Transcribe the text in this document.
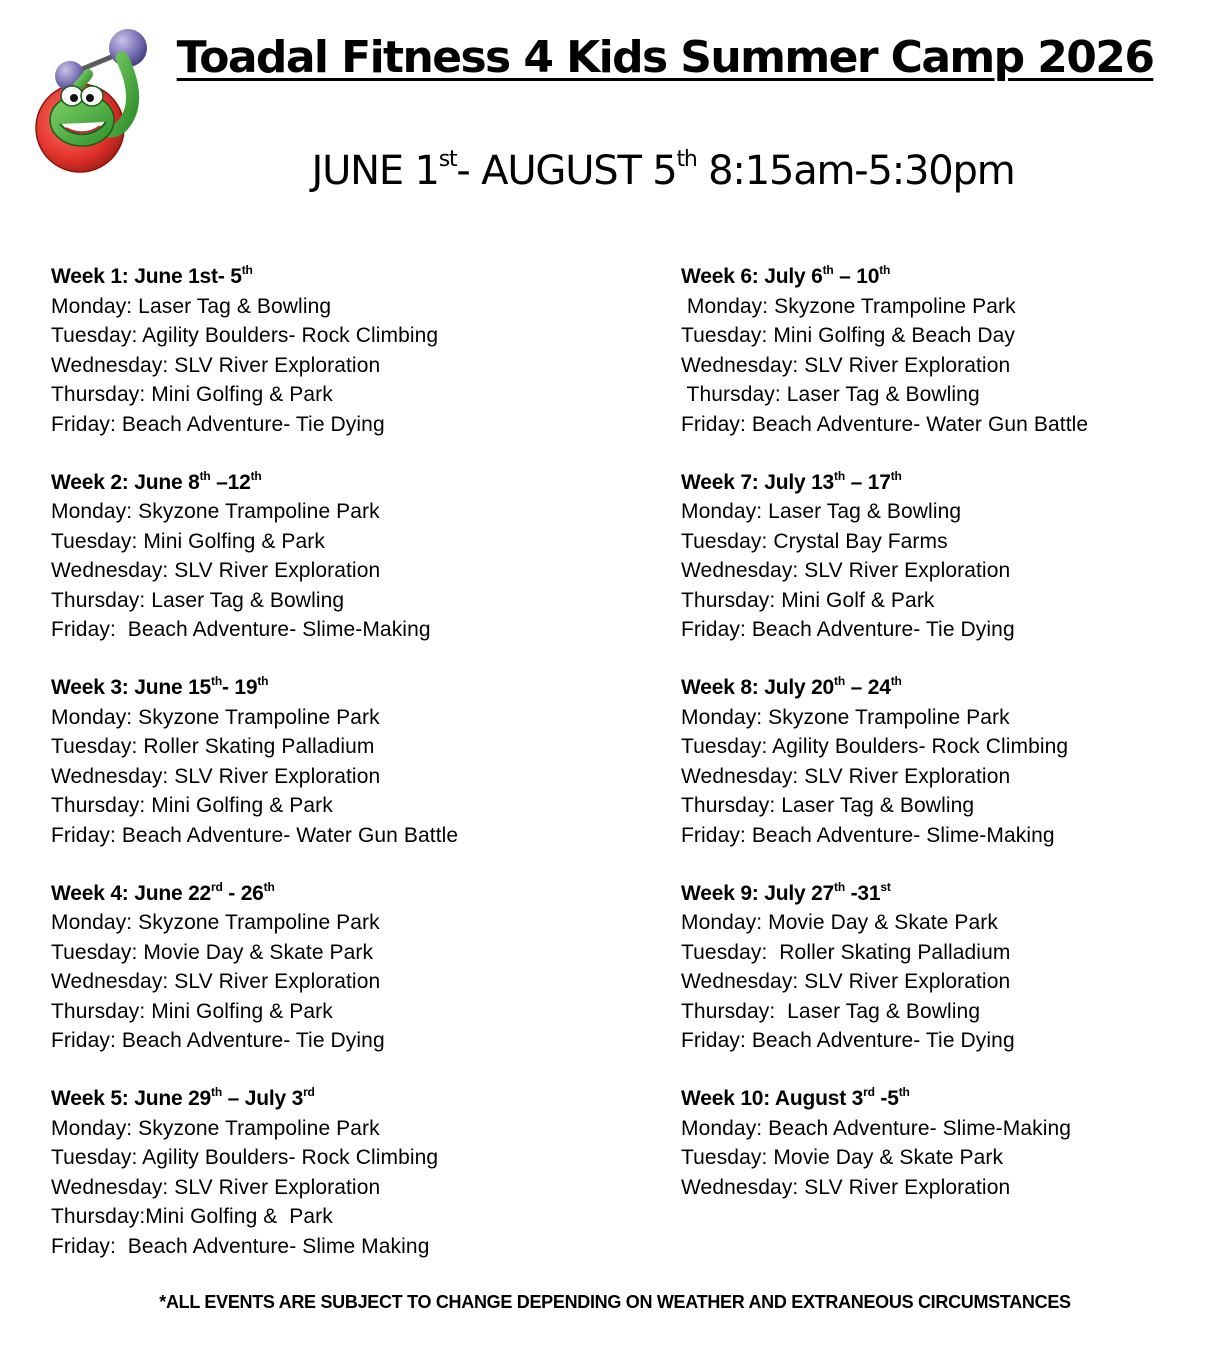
Toadal Fitness 4 Kids Summer Camp 2026
JUNE 1st- AUGUST 5th 8:15am-5:30pm
Week 1: June 1st- 5th
Monday: Laser Tag & Bowling
Tuesday: Agility Boulders- Rock Climbing
Wednesday: SLV River Exploration
Thursday: Mini Golfing & Park
Friday: Beach Adventure- Tie Dying
Week 2: June 8th –12th
Monday: Skyzone Trampoline Park
Tuesday: Mini Golfing & Park
Wednesday: SLV River Exploration
Thursday: Laser Tag & Bowling
Friday:  Beach Adventure- Slime-Making
Week 3: June 15th- 19th
Monday: Skyzone Trampoline Park
Tuesday: Roller Skating Palladium
Wednesday: SLV River Exploration
Thursday: Mini Golfing & Park
Friday: Beach Adventure- Water Gun Battle
Week 4: June 22rd - 26th
Monday: Skyzone Trampoline Park
Tuesday: Movie Day & Skate Park
Wednesday: SLV River Exploration
Thursday: Mini Golfing & Park
Friday: Beach Adventure- Tie Dying
Week 5: June 29th – July 3rd
Monday: Skyzone Trampoline Park
Tuesday: Agility Boulders- Rock Climbing
Wednesday: SLV River Exploration
Thursday:Mini Golfing &  Park
Friday:  Beach Adventure- Slime Making
Week 6: July 6th – 10th
Monday: Skyzone Trampoline Park
Tuesday: Mini Golfing & Beach Day
Wednesday: SLV River Exploration
Thursday: Laser Tag & Bowling
Friday: Beach Adventure- Water Gun Battle
Week 7: July 13th – 17th
Monday: Laser Tag & Bowling
Tuesday: Crystal Bay Farms
Wednesday: SLV River Exploration
Thursday: Mini Golf & Park
Friday: Beach Adventure- Tie Dying
Week 8: July 20th – 24th
Monday: Skyzone Trampoline Park
Tuesday: Agility Boulders- Rock Climbing
Wednesday: SLV River Exploration
Thursday: Laser Tag & Bowling
Friday: Beach Adventure- Slime-Making
Week 9: July 27th -31st
Monday: Movie Day & Skate Park
Tuesday:  Roller Skating Palladium
Wednesday: SLV River Exploration
Thursday:  Laser Tag & Bowling
Friday: Beach Adventure- Tie Dying
Week 10: August 3rd -5th
Monday: Beach Adventure- Slime-Making
Tuesday: Movie Day & Skate Park
Wednesday: SLV River Exploration
*ALL EVENTS ARE SUBJECT TO CHANGE DEPENDING ON WEATHER AND EXTRANEOUS CIRCUMSTANCES
